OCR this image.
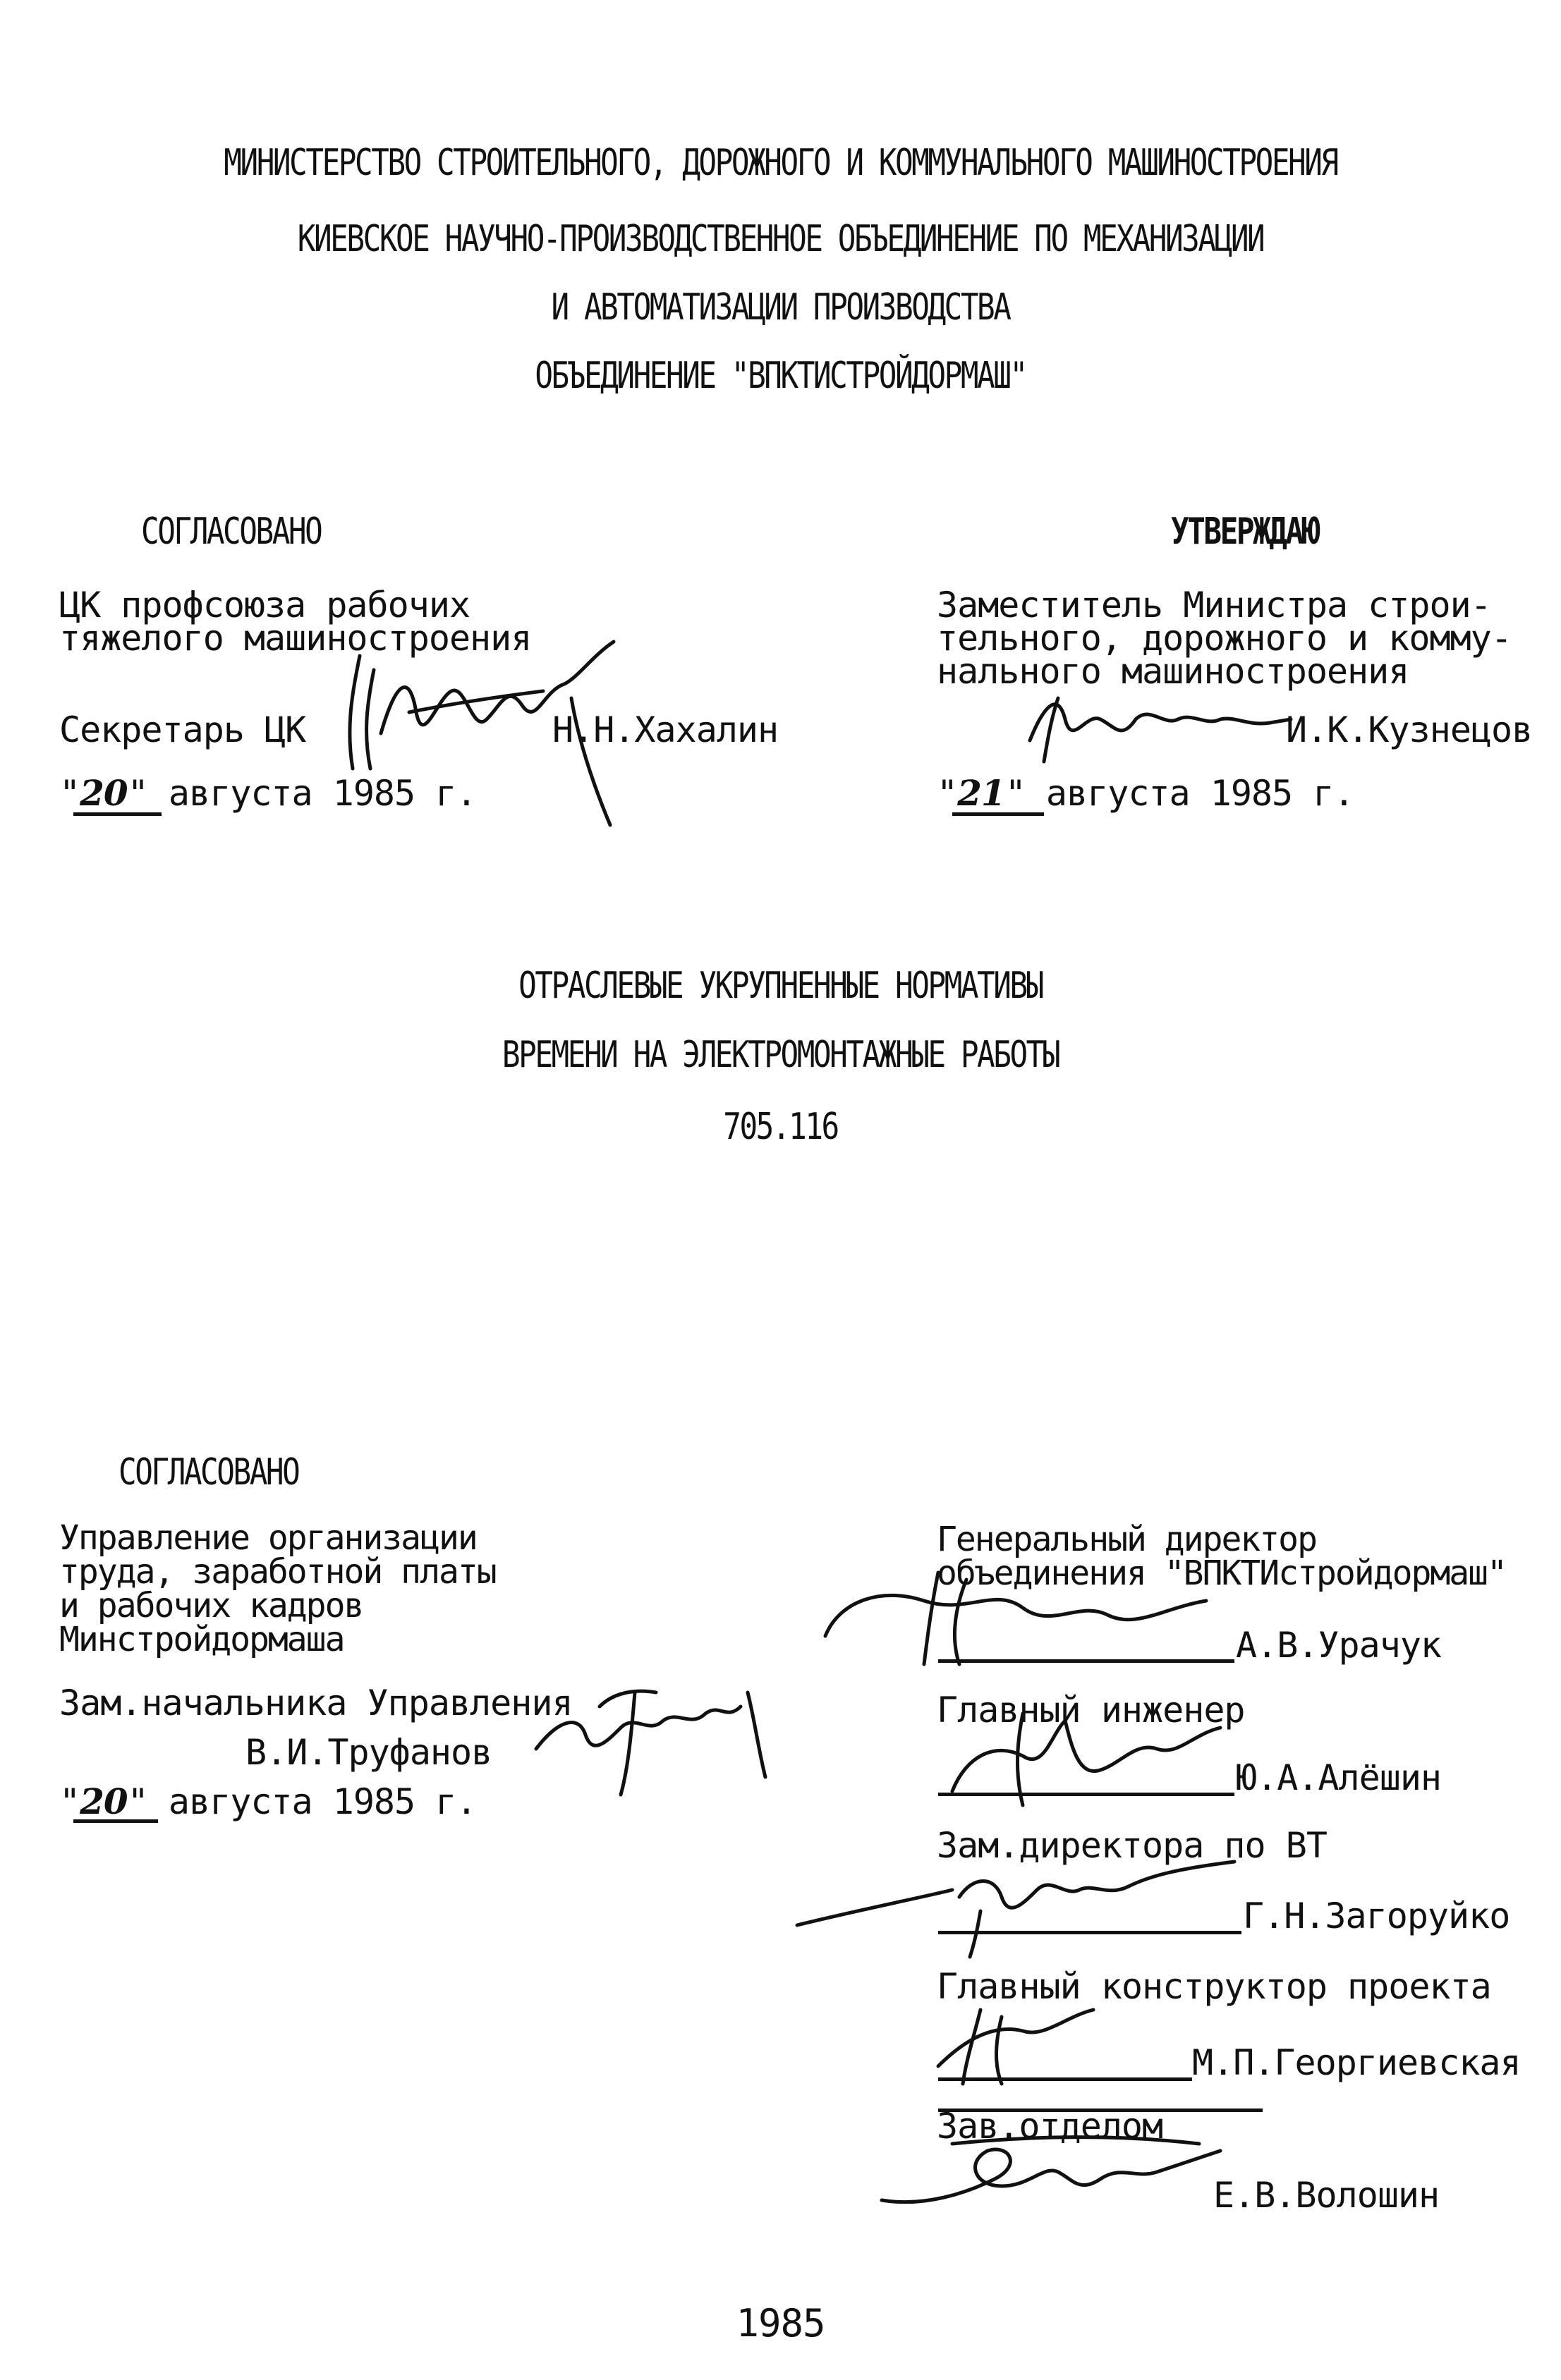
МИНИСТЕРСТВО СТРОИТЕЛЬНОГО, ДОРОЖНОГО И КОММУНАЛЬНОГО МАШИНОСТРОЕНИЯ
КИЕВСКОЕ НАУЧНО-ПРОИЗВОДСТВЕННОЕ ОБЪЕДИНЕНИЕ ПО МЕХАНИЗАЦИИ
И АВТОМАТИЗАЦИИ ПРОИЗВОДСТВА
ОБЪЕДИНЕНИЕ "ВПКТИСТРОЙДОРМАШ"
СОГЛАСОВАНО
ЦК профсоюза рабочих
тяжелого машиностроения
Секретарь ЦК	Н.Н.Хахалин
"20" августа 1985 г.
УТВЕРЖДАЮ
Заместитель Министра строи-
тельного, дорожного и комму-
нального машиностроения
И.К.Кузнецов
"21" августа 1985 г.
ОТРАСЛЕВЫЕ УКРУПНЕННЫЕ НОРМАТИВЫ
ВРЕМЕНИ НА ЭЛЕКТРОМОНТАЖНЫЕ РАБОТЫ
705.116
СОГЛАСОВАНО
Управление организации
труда, заработной платы
и рабочих кадров
Минстройдормаша
Зам.начальника Управления
В.И.Труфанов
"20" августа 1985 г.
Генеральный директор
объединения "ВПКТИстройдормаш"
А.В.Урачук
Главный инженер
Ю.А.Алёшин
Зам.директора по ВТ
Г.Н.Загоруйко
Главный конструктор проекта
М.П.Георгиевская
Зав.отделом
Е.В.Волошин
1985
